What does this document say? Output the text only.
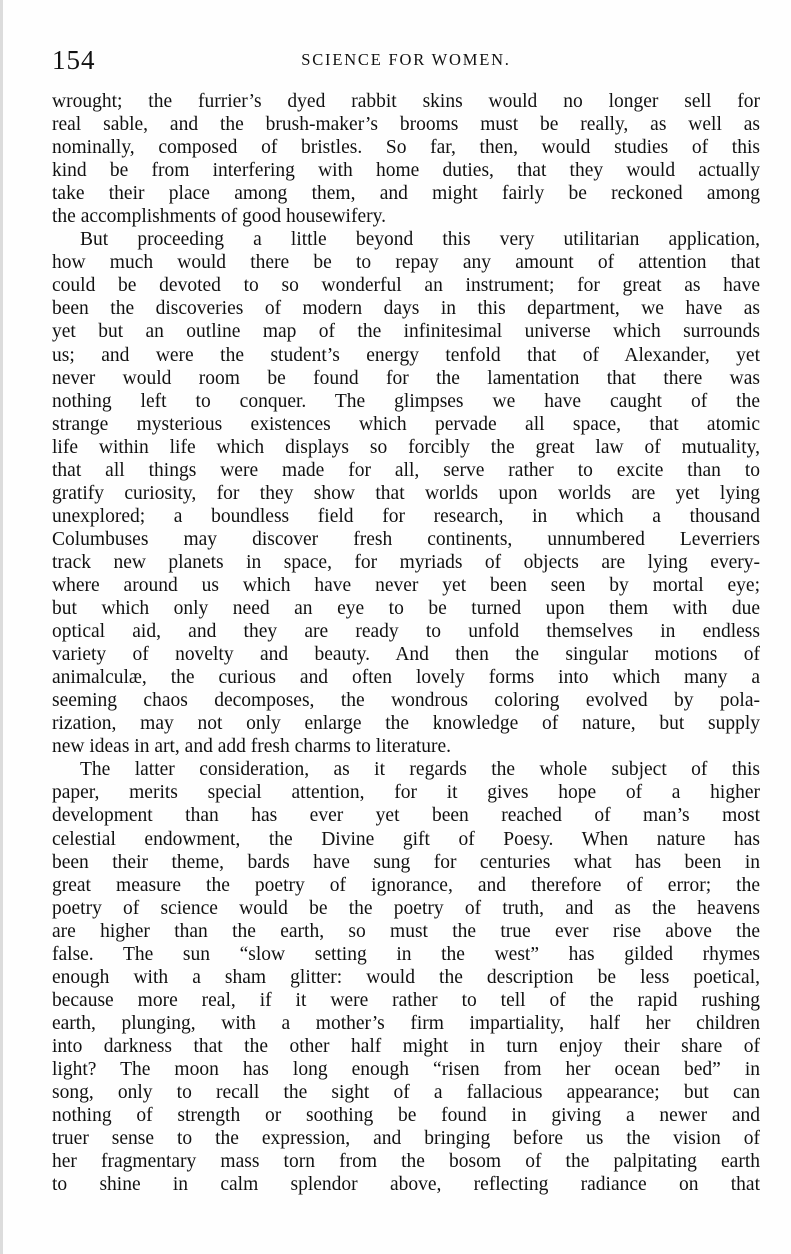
154	SCIENCE FOR WOMEN.
wrought; the furrier’s dyed rabbit skins would no longer sell for
real sable, and the brush-maker’s brooms must be really, as well as
nominally, composed of bristles. So far, then, would studies of this
kind be from interfering with home duties, that they would actually
take their place among them, and might fairly be reckoned among
the accomplishments of good housewifery.
But proceeding a little beyond this very utilitarian application,
how much would there be to repay any amount of attention that
could be devoted to so wonderful an instrument; for great as have
been the discoveries of modern days in this department, we have as
yet but an outline map of the infinitesimal universe which surrounds
us; and were the student’s energy tenfold that of Alexander, yet
never would room be found for the lamentation that there was
nothing left to conquer. The glimpses we have caught of the
strange mysterious existences which pervade all space, that atomic
life within life which displays so forcibly the great law of mutuality,
that all things were made for all, serve rather to excite than to
gratify curiosity, for they show that worlds upon worlds are yet lying
unexplored; a boundless field for research, in which a thousand
Columbuses may discover fresh continents, unnumbered Leverriers
track new planets in space, for myriads of objects are lying every-
where around us which have never yet been seen by mortal eye;
but which only need an eye to be turned upon them with due
optical aid, and they are ready to unfold themselves in endless
variety of novelty and beauty. And then the singular motions of
animalculæ, the curious and often lovely forms into which many a
seeming chaos decomposes, the wondrous coloring evolved by pola-
rization, may not only enlarge the knowledge of nature, but supply
new ideas in art, and add fresh charms to literature.
The latter consideration, as it regards the whole subject of this
paper, merits special attention, for it gives hope of a higher
development than has ever yet been reached of man’s most
celestial endowment, the Divine gift of Poesy. When nature has
been their theme, bards have sung for centuries what has been in
great measure the poetry of ignorance, and therefore of error; the
poetry of science would be the poetry of truth, and as the heavens
are higher than the earth, so must the true ever rise above the
false. The sun “slow setting in the west” has gilded rhymes
enough with a sham glitter: would the description be less poetical,
because more real, if it were rather to tell of the rapid rushing
earth, plunging, with a mother’s firm impartiality, half her children
into darkness that the other half might in turn enjoy their share of
light? The moon has long enough “risen from her ocean bed” in
song, only to recall the sight of a fallacious appearance; but can
nothing of strength or soothing be found in giving a newer and
truer sense to the expression, and bringing before us the vision of
her fragmentary mass torn from the bosom of the palpitating earth
to shine in calm splendor above, reflecting radiance on that
